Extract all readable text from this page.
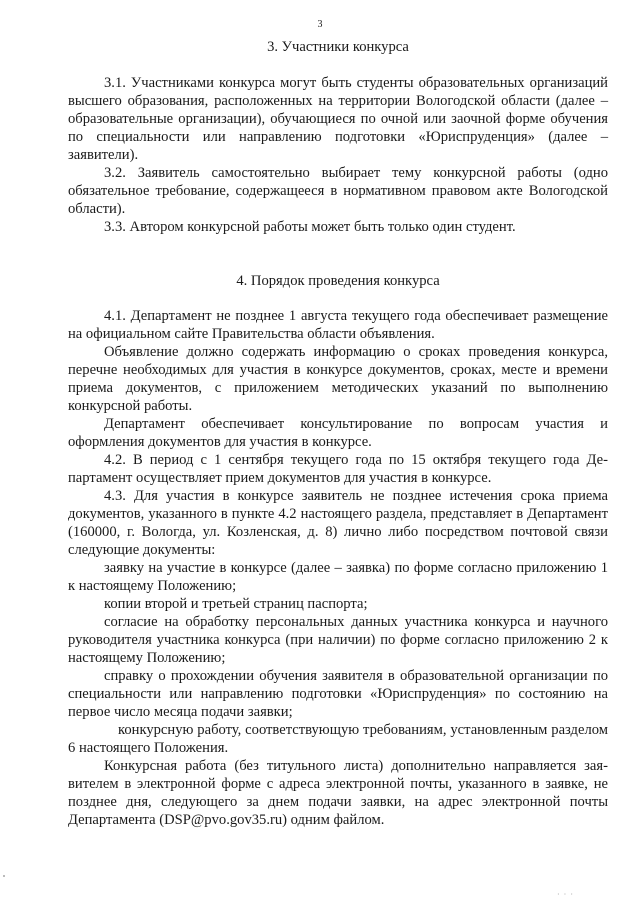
3
3. Участники конкурса

3.1. Участниками конкурса могут быть студенты образовательных организаций высшего образования, расположенных на территории Вологодской области (далее – образовательные организации), обучающиеся по очной или заочной форме обучения по специальности или направлению подготовки «Юриспруденция» (далее – заявители).

3.2. Заявитель самостоятельно выбирает тему конкурсной работы (одно обязательное требование, содержащееся в нормативном правовом акте Вологодской области).

3.3. Автором конкурсной работы может быть только один студент.

4. Порядок проведения конкурса

4.1. Департамент не позднее 1 августа текущего года обеспечивает размещение на официальном сайте Правительства области объявления.

Объявление должно содержать информацию о сроках проведения конкурса, перечне необходимых для участия в конкурсе документов, сроках, месте и времени приема документов, с приложением методических указаний по выполнению конкурсной работы.

Департамент обеспечивает консультирование по вопросам участия и оформления документов для участия в конкурсе.

4.2. В период с 1 сентября текущего года по 15 октября текущего года Департамент осуществляет прием документов для участия в конкурсе.

4.3. Для участия в конкурсе заявитель не позднее истечения срока приема документов, указанного в пункте 4.2 настоящего раздела, представляет в Департамент (160000, г. Вологда, ул. Козленская, д. 8) лично либо посредством почтовой связи следующие документы:

заявку на участие в конкурсе (далее – заявка) по форме согласно приложению 1 к настоящему Положению;

копии второй и третьей страниц паспорта;

согласие на обработку персональных данных участника конкурса и научного руководителя участника конкурса (при наличии) по форме согласно приложению 2 к настоящему Положению;

справку о прохождении обучения заявителя в образовательной организации по специальности или направлению подготовки «Юриспруденция» по состоянию на первое число месяца подачи заявки;

конкурсную работу, соответствующую требованиям, установленным разделом 6 настоящего Положения.

Конкурсная работа (без титульного листа) дополнительно направляется заявителем в электронной форме с адреса электронной почты, указанного в заявке, не позднее дня, следующего за днем подачи заявки, на адрес электронной почты Департамента (DSP@pvo.gov35.ru) одним файлом.

· · ·
